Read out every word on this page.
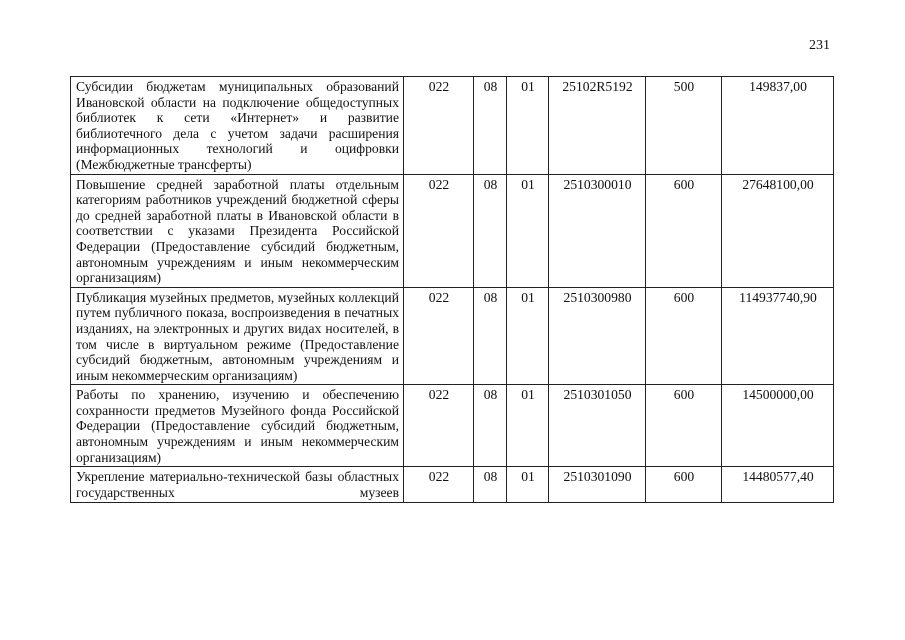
231
Субсидии бюджетам муниципальных образований Ивановской области на подключение общедоступных библиотек к сети «Интернет» и развитие библиотечного дела с учетом задачи расширения информационных технологий и оцифровки (Межбюджетные трансферты)	022	08	01	25102R5192	500	149837,00
Повышение средней заработной платы отдельным категориям работников учреждений бюджетной сферы до средней заработной платы в Ивановской области в соответствии с указами Президента Российской Федерации (Предоставление субсидий бюджетным, автономным учреждениям и иным некоммерческим организациям)	022	08	01	2510300010	600	27648100,00
Публикация музейных предметов, музейных коллекций путем публичного показа, воспроизведения в печатных изданиях, на электронных и других видах носителей, в том числе в виртуальном режиме (Предоставление субсидий бюджетным, автономным учреждениям и иным некоммерческим организациям)	022	08	01	2510300980	600	114937740,90
Работы по хранению, изучению и обеспечению сохранности предметов Музейного фонда Российской Федерации (Предоставление субсидий бюджетным, автономным учреждениям и иным некоммерческим организациям)	022	08	01	2510301050	600	14500000,00

Укрепление материально-технической базы областных государственных музеев	022	08	01	2510301090	600	14480577,40
